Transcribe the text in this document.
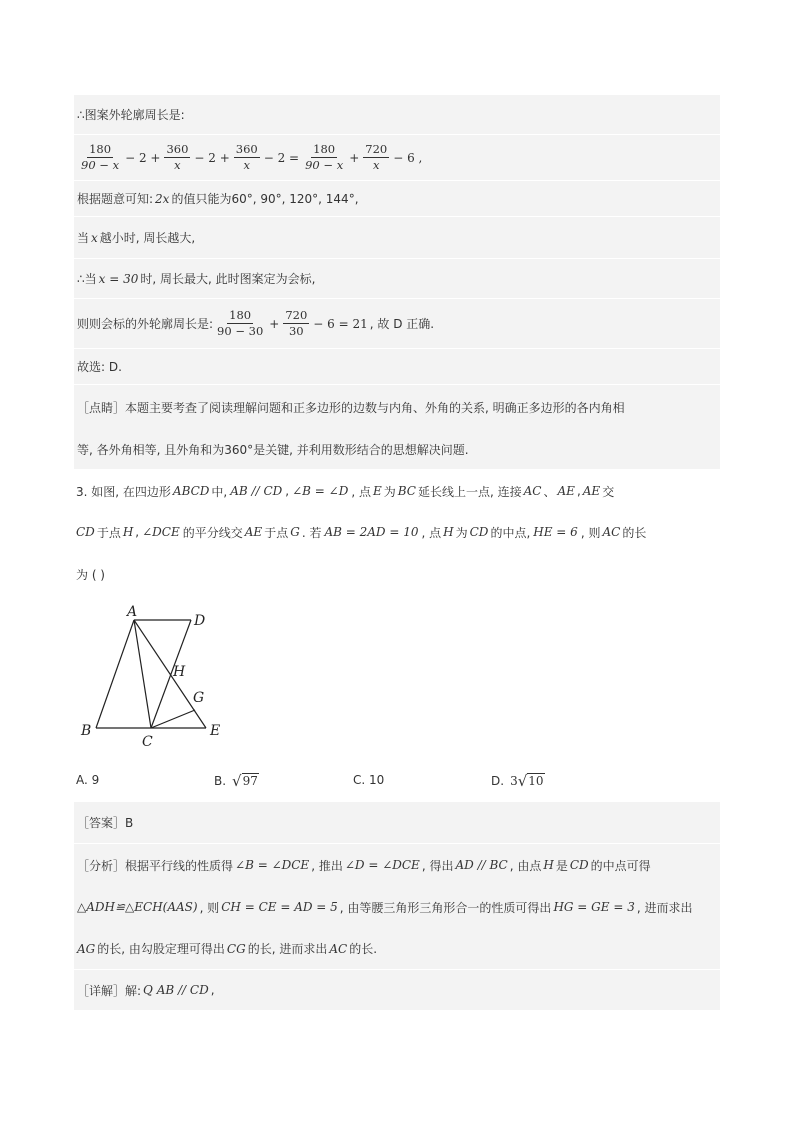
∴图案外轮廓周长是:
$\frac{180}{90 - x} - 2 + \frac{360}{x} - 2 + \frac{360}{x} - 2 = \frac{180}{90 - x} + \frac{720}{x} - 6$ ,
根据题意可知: 2x 的值只能为60°, 90°, 120°, 144°,
当 x 越小时, 周长越大,
∴当 x = 30 时, 周长最大, 此时图案定为会标,
则则会标的外轮廓周长是: $\frac{180}{90 - 30} + \frac{720}{30} - 6 = 21$ , 故 D 正确.
故选: D.
［点睛］本题主要考查了阅读理解问题和正多边形的边数与内角、外角的关系, 明确正多边形的各内角相
等, 各外角相等, 且外角和为360°是关键, 并利用数形结合的思想解决问题.
3. 如图, 在四边形 ABCD 中, AB // CD , ∠B = ∠D , 点 E 为 BC 延长线上一点, 连接 AC 、 AE , AE 交
CD 于点 H , ∠DCE 的平分线交 AE 于点 G . 若 AB = 2AD = 10 , 点 H 为 CD 的中点, HE = 6 , 则 AC 的长
为 ( )
A
D
H
G
B
C
E
A. 9	B. √ 97	C. 10	D. 3 √ 10
［答案］B
［分析］根据平行线的性质得 ∠B = ∠DCE , 推出 ∠D = ∠DCE , 得出 AD // BC , 由点 H 是 CD 的中点可得
△ADH≌△ECH(AAS) , 则 CH = CE = AD = 5 , 由等腰三角形三角形合一的性质可得出 HG = GE = 3 , 进而求出
AG 的长, 由勾股定理可得出 CG 的长, 进而求出 AC 的长.
［详解］解: Q AB // CD ,
